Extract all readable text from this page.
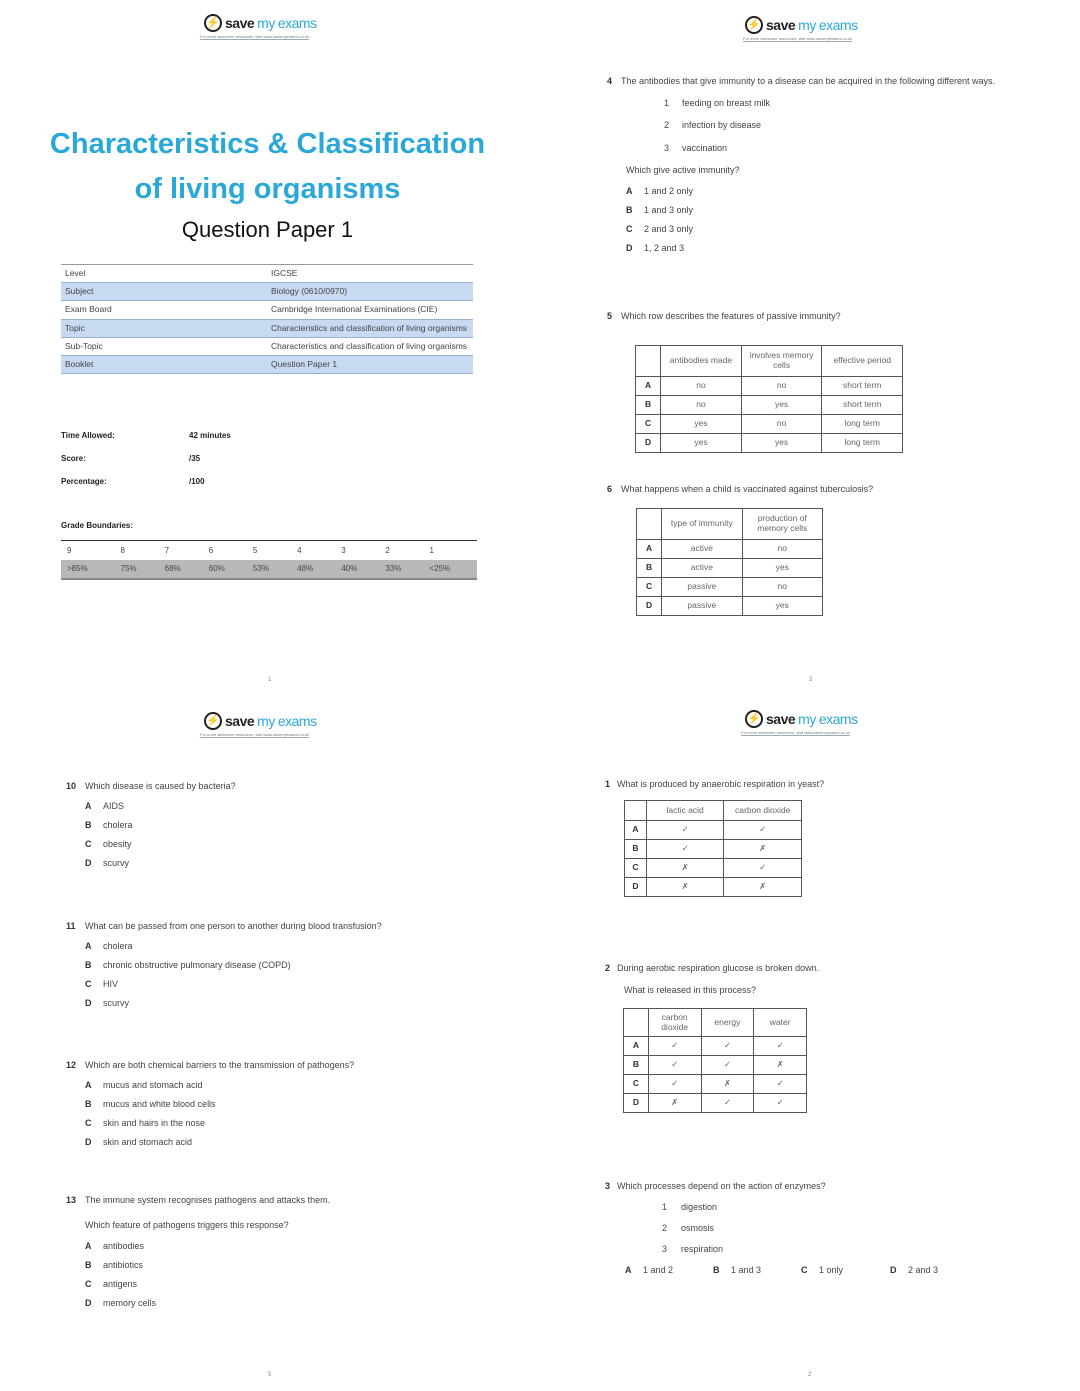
⚡ save my exams
For more awesome resources, visit www.savemyexams.co.uk
Characteristics & Classification
of living organisms
Question Paper 1
Level	IGCSE
Subject	Biology (0610/0970)
Exam Board	Cambridge International Examinations (CIE)
Topic	Characteristics and classification of living organisms
Sub-Topic	Characteristics and classification of living organisms
Booklet	Question Paper 1
Time Allowed:	42 minutes
Score:	/35
Percentage:	/100
Grade Boundaries:
9	8	7	6	5	4	3	2	1
>85%	75%	68%	60%	53%	48%	40%	33%	<25%
1
⚡ save my exams
For more awesome resources, visit www.savemyexams.co.uk
4 The antibodies that give immunity to a disease can be acquired in the following different ways.
1 feeding on breast milk
2 infection by disease
3 vaccination
Which give active immunity?
A 1 and 2 only
B 1 and 3 only
C 2 and 3 only
D 1, 2 and 3
5 Which row describes the features of passive immunity?
	antibodies made	involves memory cells	effective period
A	no	no	short term
B	no	yes	short term
C	yes	no	long term
D	yes	yes	long term
6 What happens when a child is vaccinated against tuberculosis?
	type of immunity	production of memory cells
A	active	no
B	active	yes
C	passive	no
D	passive	yes
3
⚡ save my exams
For more awesome resources, visit www.savemyexams.co.uk
10 Which disease is caused by bacteria?
A AIDS
B cholera
C obesity
D scurvy
11 What can be passed from one person to another during blood transfusion?
A cholera
B chronic obstructive pulmonary disease (COPD)
C HIV
D scurvy
12 Which are both chemical barriers to the transmission of pathogens?
A mucus and stomach acid
B mucus and white blood cells
C skin and hairs in the nose
D skin and stomach acid
13 The immune system recognises pathogens and attacks them.
Which feature of pathogens triggers this response?
A antibodies
B antibiotics
C antigens
D memory cells
5
⚡ save my exams
For more awesome resources, visit www.savemyexams.co.uk
1 What is produced by anaerobic respiration in yeast?
	lactic acid	carbon dioxide
A	✓	✓
B	✓	✗
C	✗	✓
D	✗	✗
2 During aerobic respiration glucose is broken down.
What is released in this process?
	carbon dioxide	energy	water
A	✓	✓	✓
B	✓	✓	✗
C	✓	✗	✓
D	✗	✓	✓
3 Which processes depend on the action of enzymes?
1 digestion
2 osmosis
3 respiration
A 1 and 2	B 1 and 3	C 1 only	D 2 and 3
2
